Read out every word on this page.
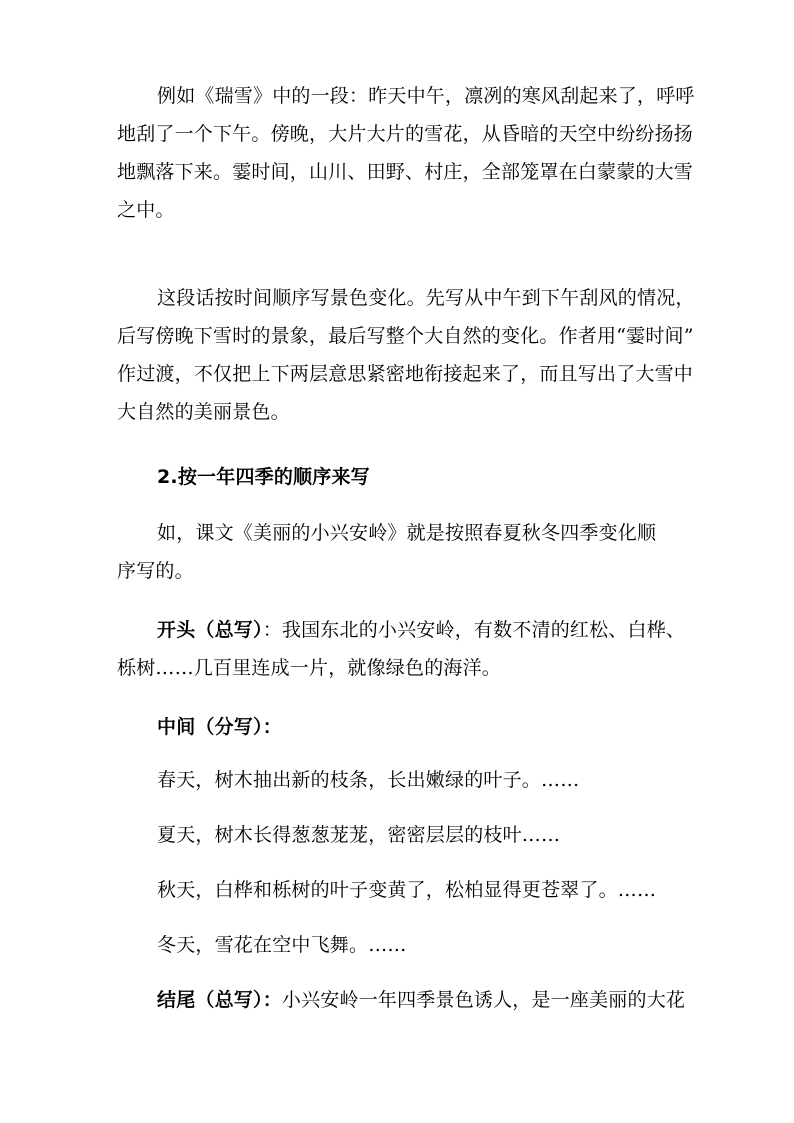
例如《瑞雪》中的一段：昨天中午，凛冽的寒风刮起来了，呼呼
地刮了一个下午。傍晚，大片大片的雪花，从昏暗的天空中纷纷扬扬
地飘落下来。霎时间，山川、田野、村庄，全部笼罩在白蒙蒙的大雪
之中。
这段话按时间顺序写景色变化。先写从中午到下午刮风的情况，
后写傍晚下雪时的景象，最后写整个大自然的变化。作者用“霎时间”
作过渡，不仅把上下两层意思紧密地衔接起来了，而且写出了大雪中
大自然的美丽景色。
2.按一年四季的顺序来写
如，课文《美丽的小兴安岭》就是按照春夏秋冬四季变化顺
序写的。
开头（总写）：我国东北的小兴安岭，有数不清的红松、白桦、
栎树……几百里连成一片，就像绿色的海洋。
中间（分写）：
春天，树木抽出新的枝条，长出嫩绿的叶子。……
夏天，树木长得葱葱茏茏，密密层层的枝叶……
秋天，白桦和栎树的叶子变黄了，松柏显得更苍翠了。……
冬天，雪花在空中飞舞。……
结尾（总写）：小兴安岭一年四季景色诱人，是一座美丽的大花
